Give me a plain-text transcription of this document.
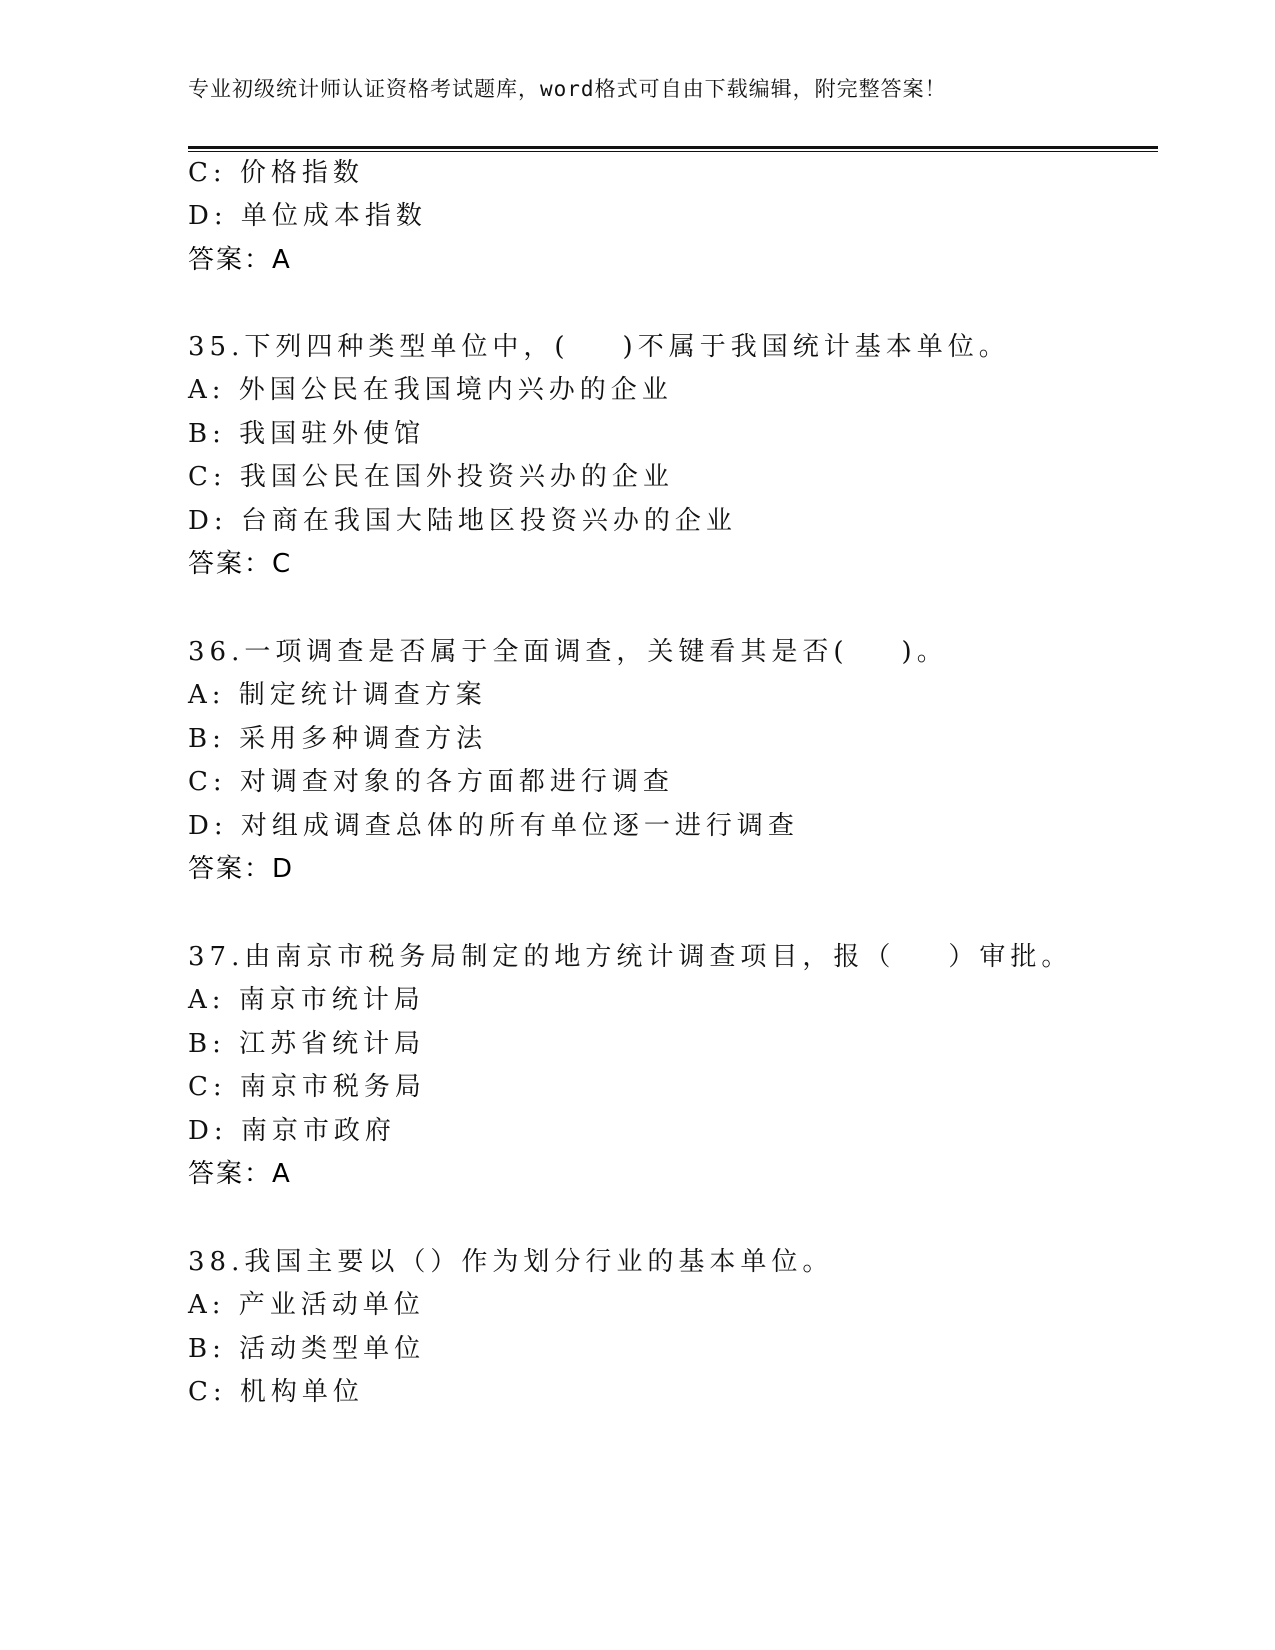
专业初级统计师认证资格考试题库，word格式可自由下载编辑，附完整答案！
C: 价格指数
D: 单位成本指数
答案：A
35.下列四种类型单位中，(    )不属于我国统计基本单位。
A: 外国公民在我国境内兴办的企业
B: 我国驻外使馆
C: 我国公民在国外投资兴办的企业
D: 台商在我国大陆地区投资兴办的企业
答案：C
36.一项调查是否属于全面调查，关键看其是否(    )。
A: 制定统计调查方案
B: 采用多种调查方法
C: 对调查对象的各方面都进行调查
D: 对组成调查总体的所有单位逐一进行调查
答案：D
37.由南京市税务局制定的地方统计调查项目，报（    ）审批。
A: 南京市统计局
B: 江苏省统计局
C: 南京市税务局
D: 南京市政府
答案：A
38.我国主要以（）作为划分行业的基本单位。
A: 产业活动单位
B: 活动类型单位
C: 机构单位
